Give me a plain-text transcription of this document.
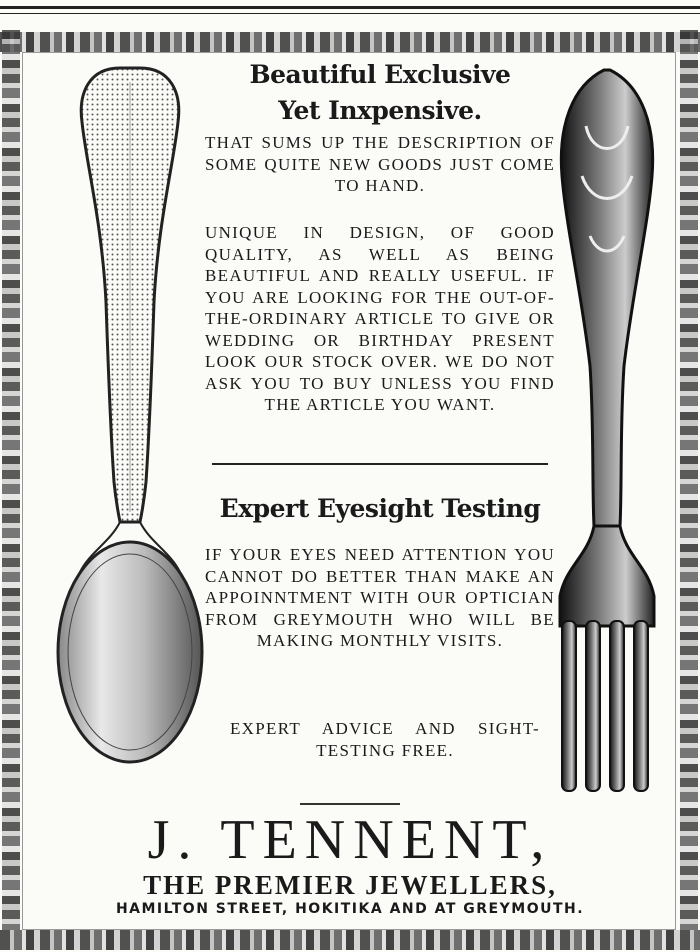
Beautiful Exclusive
Yet Inxpensive.
THAT SUMS UP THE DESCRIPTION OF SOME QUITE NEW GOODS JUST COME TO HAND.
UNIQUE IN DESIGN, OF GOOD QUALITY, AS WELL AS BEING BEAUTIFUL AND REALLY USEFUL. IF YOU ARE LOOKING FOR THE OUT-OF-THE-ORDINARY ARTICLE TO GIVE OR WEDDING OR BIRTHDAY PRESENT LOOK OUR STOCK OVER. WE DO NOT ASK YOU TO BUY UNLESS YOU FIND THE ARTICLE YOU WANT.
Expert Eyesight Testing
IF YOUR EYES NEED ATTENTION YOU CANNOT DO BETTER THAN MAKE AN APPOINNTMENT WITH OUR OPTICIAN FROM GREYMOUTH WHO WILL BE MAKING MONTHLY VISITS.
EXPERT ADVICE AND SIGHT-TESTING FREE.
J. TENNENT,
THE PREMIER JEWELLERS,
HAMILTON STREET, HOKITIKA AND AT GREYMOUTH.
